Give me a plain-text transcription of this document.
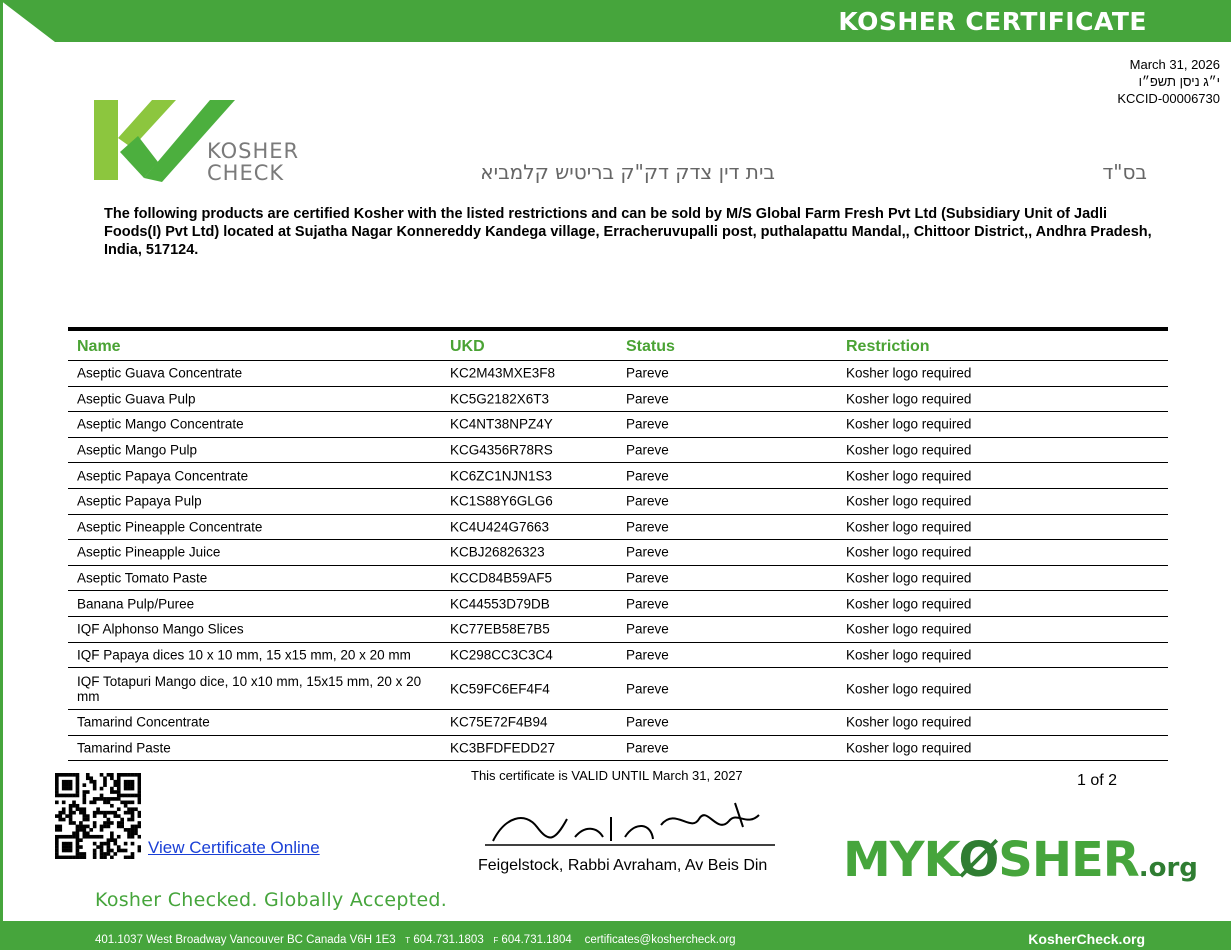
KOSHER CERTIFICATE
March 31, 2026
י״ג ניסן תשפ״ו
KCCID-00006730
KOSHER
CHECK	בית דין צדק דק"ק בריטיש קלמביא	בס"ד
The following products are certified Kosher with the listed restrictions and can be sold by M/S Global Farm Fresh Pvt Ltd (Subsidiary Unit of Jadli Foods(I) Pvt Ltd) located at Sujatha Nagar Konnereddy Kandega village, Erracheruvupalli post, puthalapattu Mandal,, Chittoor District,, Andhra Pradesh, India, 517124.
Name	UKD	Status	Restriction
Aseptic Guava Concentrate	KC2M43MXE3F8	Pareve	Kosher logo required
Aseptic Guava Pulp	KC5G2182X6T3	Pareve	Kosher logo required
Aseptic Mango Concentrate	KC4NT38NPZ4Y	Pareve	Kosher logo required
Aseptic Mango Pulp	KCG4356R78RS	Pareve	Kosher logo required
Aseptic Papaya Concentrate	KC6ZC1NJN1S3	Pareve	Kosher logo required
Aseptic Papaya Pulp	KC1S88Y6GLG6	Pareve	Kosher logo required
Aseptic Pineapple Concentrate	KC4U424G7663	Pareve	Kosher logo required
Aseptic Pineapple Juice	KCBJ26826323	Pareve	Kosher logo required
Aseptic Tomato Paste	KCCD84B59AF5	Pareve	Kosher logo required
Banana Pulp/Puree	KC44553D79DB	Pareve	Kosher logo required
IQF Alphonso Mango Slices	KC77EB58E7B5	Pareve	Kosher logo required
IQF Papaya dices 10 x 10 mm, 15 x15 mm, 20 x 20 mm	KC298CC3C3C4	Pareve	Kosher logo required
IQF Totapuri Mango dice, 10 x10 mm, 15x15 mm, 20 x 20 mm	KC59FC6EF4F4	Pareve	Kosher logo required
Tamarind Concentrate	KC75E72F4B94	Pareve	Kosher logo required
Tamarind Paste	KC3BFDFEDD27	Pareve	Kosher logo required
This certificate is VALID UNTIL March 31, 2027	1 of 2
View Certificate Online
Feigelstock, Rabbi Avraham, Av Beis Din MYKØSHER.org
Kosher Checked. Globally Accepted.
401.1037 West Broadway Vancouver BC Canada V6H 1E3 T 604.731.1803 F 604.731.1804 certificates@koshercheck.org	KosherCheck.org
